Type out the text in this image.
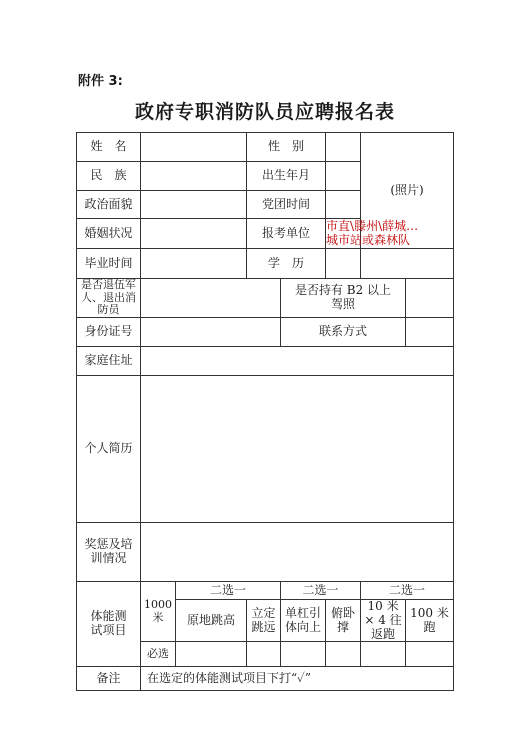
附件 3:
政府专职消防队员应聘报名表
姓　名			性　别			(照片)	
民　族			出生年月				
政治面貌			党团时间				
婚姻状况			报考单位		市直\滕州\薛城…
城市站或森林队		
毕业时间			学　历				
是否退伍军人、退出消防员				是否持有 B2 以上驾照			
身份证号				联系方式			
家庭住址							
个人简历							
奖惩及培训情况							
体能测试项目	1000 米	二选一		二选一		二选一	
		原地跳高	立定跳远	单杠引体向上	俯卧撑	10 米 × 4 往返跑	100 米跑
	必选						
备注	在选定的体能测试项目下打“✓”						
